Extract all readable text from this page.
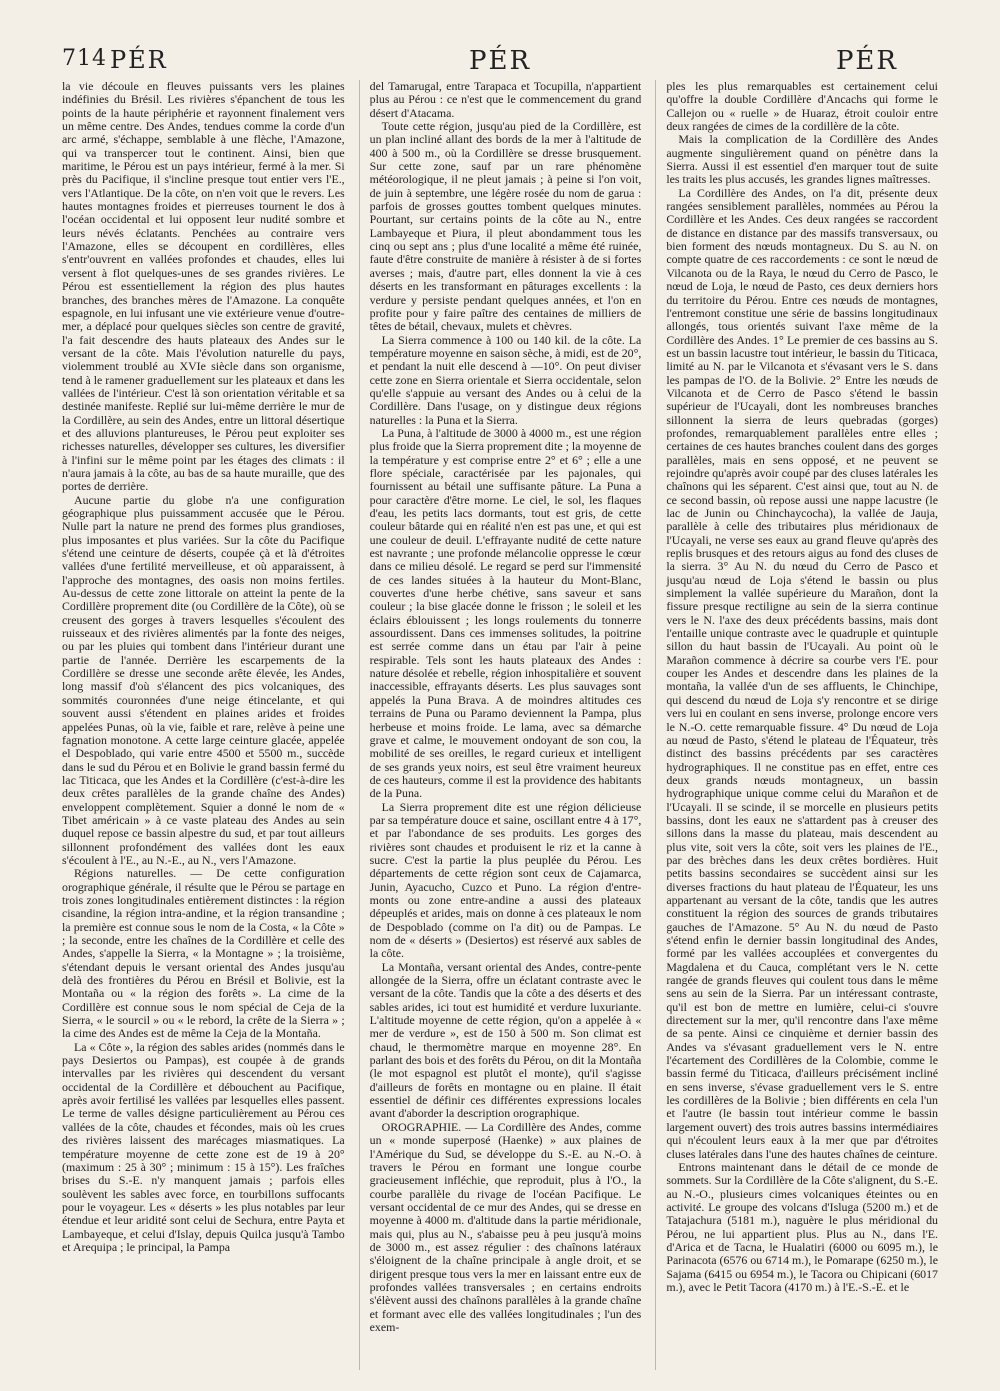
714 PÉR	PÉR	PÉR

la vie découle en fleuves puissants vers les plaines indéfinies du Brésil. Les rivières s'épanchent de tous les points de la haute périphérie et rayonnent finalement vers un même centre. Des Andes, tendues comme la corde d'un arc armé, s'échappe, semblable à une flèche, l'Amazone, qui va transpercer tout le continent. Ainsi, bien que maritime, le Pérou est un pays intérieur, fermé à la mer. Si près du Pacifique, il s'incline presque tout entier vers l'E., vers l'Atlantique. De la côte, on n'en voit que le revers. Les hautes montagnes froides et pierreuses tournent le dos à l'océan occidental et lui opposent leur nudité sombre et leurs névés éclatants. Penchées au contraire vers l'Amazone, elles se découpent en cordillères, elles s'entr'ouvrent en vallées profondes et chaudes, elles lui versent à flot quelques-unes de ses grandes rivières. Le Pérou est essentiellement la région des plus hautes branches, des branches mères de l'Amazone. La conquête espagnole, en lui infusant une vie extérieure venue d'outre-mer, a déplacé pour quelques siècles son centre de gravité, l'a fait descendre des hauts plateaux des Andes sur le versant de la côte. Mais l'évolution naturelle du pays, violemment troublé au XVIe siècle dans son organisme, tend à le ramener graduellement sur les plateaux et dans les vallées de l'intérieur. C'est là son orientation véritable et sa destinée manifeste. Replié sur lui-même derrière le mur de la Cordillère, au sein des Andes, entre un littoral désertique et des alluvions plantureuses, le Pérou peut exploiter ses richesses naturelles, développer ses cultures, les diversifier à l'infini sur le même point par les étages des climats : il n'aura jamais à la côte, au bas de sa haute muraille, que des portes de derrière.

Aucune partie du globe n'a une configuration géographique plus puissamment accusée que le Pérou. Nulle part la nature ne prend des formes plus grandioses, plus imposantes et plus variées. Sur la côte du Pacifique s'étend une ceinture de déserts, coupée çà et là d'étroites vallées d'une fertilité merveilleuse, et où apparaissent, à l'approche des montagnes, des oasis non moins fertiles. Au-dessus de cette zone littorale on atteint la pente de la Cordillère proprement dite (ou Cordillère de la Côte), où se creusent des gorges à travers lesquelles s'écoulent des ruisseaux et des rivières alimentés par la fonte des neiges, ou par les pluies qui tombent dans l'intérieur durant une partie de l'année. Derrière les escarpements de la Cordillère se dresse une seconde arête élevée, les Andes, long massif d'où s'élancent des pics volcaniques, des sommités couronnées d'une neige étincelante, et qui souvent aussi s'étendent en plaines arides et froides appelées Punas, où la vie, faible et rare, relève à peine une fagnation monotone. A cette large ceinture glacée, appelée el Despoblado, qui varie entre 4500 et 5500 m., succède dans le sud du Pérou et en Bolivie le grand bassin fermé du lac Titicaca, que les Andes et la Cordillère (c'est-à-dire les deux crêtes parallèles de la grande chaîne des Andes) enveloppent complètement. Squier a donné le nom de « Tibet américain » à ce vaste plateau des Andes au sein duquel repose ce bassin alpestre du sud, et par tout ailleurs sillonnent profondément des vallées dont les eaux s'écoulent à l'E., au N.-E., au N., vers l'Amazone.

Régions naturelles. — De cette configuration orographique générale, il résulte que le Pérou se partage en trois zones longitudinales entièrement distinctes : la région cisandine, la région intra-andine, et la région transandine ; la première est connue sous le nom de la Costa, « la Côte » ; la seconde, entre les chaînes de la Cordillère et celle des Andes, s'appelle la Sierra, « la Montagne » ; la troisième, s'étendant depuis le versant oriental des Andes jusqu'au delà des frontières du Pérou en Brésil et Bolivie, est la Montaña ou « la région des forêts ». La cime de la Cordillère est connue sous le nom spécial de Ceja de la Sierra, « le sourcil » ou « le rebord, la crête de la Sierra » ; la cime des Andes est de même la Ceja de la Montaña.

La « Côte », la région des sables arides (nommés dans le pays Desiertos ou Pampas), est coupée à de grands intervalles par les rivières qui descendent du versant occidental de la Cordillère et débouchent au Pacifique, après avoir fertilisé les vallées par lesquelles elles passent. Le terme de valles désigne particulièrement au Pérou ces vallées de la côte, chaudes et fécondes, mais où les crues des rivières laissent des marécages miasmatiques. La température moyenne de cette zone est de 19 à 20° (maximum : 25 à 30° ; minimum : 15 à 15°). Les fraîches brises du S.-E. n'y manquent jamais ; parfois elles soulèvent les sables avec force, en tourbillons suffocants pour le voyageur. Les « déserts » les plus notables par leur étendue et leur aridité sont celui de Sechura, entre Payta et Lambayeque, et celui d'Islay, depuis Quilca jusqu'à Tambo et Arequipa ; le principal, la Pampa

del Tamarugal, entre Tarapaca et Tocupilla, n'appartient plus au Pérou : ce n'est que le commencement du grand désert d'Atacama.

Toute cette région, jusqu'au pied de la Cordillère, est un plan incliné allant des bords de la mer à l'altitude de 400 à 500 m., où la Cordillère se dresse brusquement. Sur cette zone, sauf par un rare phénomène météorologique, il ne pleut jamais ; à peine si l'on voit, de juin à septembre, une légère rosée du nom de garua : parfois de grosses gouttes tombent quelques minutes. Pourtant, sur certains points de la côte au N., entre Lambayeque et Piura, il pleut abondamment tous les cinq ou sept ans ; plus d'une localité a même été ruinée, faute d'être construite de manière à résister à de si fortes averses ; mais, d'autre part, elles donnent la vie à ces déserts en les transformant en pâturages excellents : la verdure y persiste pendant quelques années, et l'on en profite pour y faire paître des centaines de milliers de têtes de bétail, chevaux, mulets et chèvres.

La Sierra commence à 100 ou 140 kil. de la côte. La température moyenne en saison sèche, à midi, est de 20°, et pendant la nuit elle descend à —10°. On peut diviser cette zone en Sierra orientale et Sierra occidentale, selon qu'elle s'appuie au versant des Andes ou à celui de la Cordillère. Dans l'usage, on y distingue deux régions naturelles : la Puna et la Sierra.

La Puna, à l'altitude de 3000 à 4000 m., est une région plus froide que la Sierra proprement dite ; la moyenne de la température y est comprise entre 2° et 6° ; elle a une flore spéciale, caractérisée par les pajonales, qui fournissent au bétail une suffisante pâture. La Puna a pour caractère d'être morne. Le ciel, le sol, les flaques d'eau, les petits lacs dormants, tout est gris, de cette couleur bâtarde qui en réalité n'en est pas une, et qui est une couleur de deuil. L'effrayante nudité de cette nature est navrante ; une profonde mélancolie oppresse le cœur dans ce milieu désolé. Le regard se perd sur l'immensité de ces landes situées à la hauteur du Mont-Blanc, couvertes d'une herbe chétive, sans saveur et sans couleur ; la bise glacée donne le frisson ; le soleil et les éclairs éblouissent ; les longs roulements du tonnerre assourdissent. Dans ces immenses solitudes, la poitrine est serrée comme dans un étau par l'air à peine respirable. Tels sont les hauts plateaux des Andes : nature désolée et rebelle, région inhospitalière et souvent inaccessible, effrayants déserts. Les plus sauvages sont appelés la Puna Brava. A de moindres altitudes ces terrains de Puna ou Paramo deviennent la Pampa, plus herbeuse et moins froide. Le lama, avec sa démarche grave et calme, le mouvement ondoyant de son cou, la mobilité de ses oreilles, le regard curieux et intelligent de ses grands yeux noirs, est seul être vraiment heureux de ces hauteurs, comme il est la providence des habitants de la Puna.

La Sierra proprement dite est une région délicieuse par sa température douce et saine, oscillant entre 4 à 17°, et par l'abondance de ses produits. Les gorges des rivières sont chaudes et produisent le riz et la canne à sucre. C'est la partie la plus peuplée du Pérou. Les départements de cette région sont ceux de Cajamarca, Junin, Ayacucho, Cuzco et Puno. La région d'entre-monts ou zone entre-andine a aussi des plateaux dépeuplés et arides, mais on donne à ces plateaux le nom de Despoblado (comme on l'a dit) ou de Pampas. Le nom de « déserts » (Desiertos) est réservé aux sables de la côte.

La Montaña, versant oriental des Andes, contre-pente allongée de la Sierra, offre un éclatant contraste avec le versant de la côte. Tandis que la côte a des déserts et des sables arides, ici tout est humidité et verdure luxuriante. L'altitude moyenne de cette région, qu'on a appelée à « mer de verdure », est de 150 à 500 m. Son climat est chaud, le thermomètre marque en moyenne 28°. En parlant des bois et des forêts du Pérou, on dit la Montaña (le mot espagnol est plutôt el monte), qu'il s'agisse d'ailleurs de forêts en montagne ou en plaine. Il était essentiel de définir ces différentes expressions locales avant d'aborder la description orographique.

OROGRAPHIE. — La Cordillère des Andes, comme un « monde superposé (Haenke) » aux plaines de l'Amérique du Sud, se développe du S.-E. au N.-O. à travers le Pérou en formant une longue courbe gracieusement infléchie, que reproduit, plus à l'O., la courbe parallèle du rivage de l'océan Pacifique. Le versant occidental de ce mur des Andes, qui se dresse en moyenne à 4000 m. d'altitude dans la partie méridionale, mais qui, plus au N., s'abaisse peu à peu jusqu'à moins de 3000 m., est assez régulier : des chaînons latéraux s'éloignent de la chaîne principale à angle droit, et se dirigent presque tous vers la mer en laissant entre eux de profondes vallées transversales ; en certains endroits s'élèvent aussi des chaînons parallèles à la grande chaîne et formant avec elle des vallées longitudinales ; l'un des exem-

ples les plus remarquables est certainement celui qu'offre la double Cordillère d'Ancachs qui forme le Callejon ou « ruelle » de Huaraz, étroit couloir entre deux rangées de cimes de la cordillère de la côte.

Mais la complication de la Cordillère des Andes augmente singulièrement quand on pénètre dans la Sierra. Aussi il est essentiel d'en marquer tout de suite les traits les plus accusés, les grandes lignes maîtresses.

La Cordillère des Andes, on l'a dit, présente deux rangées sensiblement parallèles, nommées au Pérou la Cordillère et les Andes. Ces deux rangées se raccordent de distance en distance par des massifs transversaux, ou bien forment des nœuds montagneux. Du S. au N. on compte quatre de ces raccordements : ce sont le nœud de Vilcanota ou de la Raya, le nœud du Cerro de Pasco, le nœud de Loja, le nœud de Pasto, ces deux derniers hors du territoire du Pérou. Entre ces nœuds de montagnes, l'entremont constitue une série de bassins longitudinaux allongés, tous orientés suivant l'axe même de la Cordillère des Andes. 1° Le premier de ces bassins au S. est un bassin lacustre tout intérieur, le bassin du Titicaca, limité au N. par le Vilcanota et s'évasant vers le S. dans les pampas de l'O. de la Bolivie. 2° Entre les nœuds de Vilcanota et de Cerro de Pasco s'étend le bassin supérieur de l'Ucayali, dont les nombreuses branches sillonnent la sierra de leurs quebradas (gorges) profondes, remarquablement parallèles entre elles ; certaines de ces hautes branches coulent dans des gorges parallèles, mais en sens opposé, et ne peuvent se rejoindre qu'après avoir coupé par des cluses latérales les chaînons qui les séparent. C'est ainsi que, tout au N. de ce second bassin, où repose aussi une nappe lacustre (le lac de Junin ou Chinchaycocha), la vallée de Jauja, parallèle à celle des tributaires plus méridionaux de l'Ucayali, ne verse ses eaux au grand fleuve qu'après des replis brusques et des retours aigus au fond des cluses de la sierra. 3° Au N. du nœud du Cerro de Pasco et jusqu'au nœud de Loja s'étend le bassin ou plus simplement la vallée supérieure du Marañon, dont la fissure presque rectiligne au sein de la sierra continue vers le N. l'axe des deux précédents bassins, mais dont l'entaille unique contraste avec le quadruple et quintuple sillon du haut bassin de l'Ucayali. Au point où le Marañon commence à décrire sa courbe vers l'E. pour couper les Andes et descendre dans les plaines de la montaña, la vallée d'un de ses affluents, le Chinchipe, qui descend du nœud de Loja s'y rencontre et se dirige vers lui en coulant en sens inverse, prolonge encore vers le N.-O. cette remarquable fissure. 4° Du nœud de Loja au nœud de Pasto, s'étend le plateau de l'Équateur, très distinct des bassins précédents par ses caractères hydrographiques. Il ne constitue pas en effet, entre ces deux grands nœuds montagneux, un bassin hydrographique unique comme celui du Marañon et de l'Ucayali. Il se scinde, il se morcelle en plusieurs petits bassins, dont les eaux ne s'attardent pas à creuser des sillons dans la masse du plateau, mais descendent au plus vite, soit vers la côte, soit vers les plaines de l'E., par des brèches dans les deux crêtes bordières. Huit petits bassins secondaires se succèdent ainsi sur les diverses fractions du haut plateau de l'Équateur, les uns appartenant au versant de la côte, tandis que les autres constituent la région des sources de grands tributaires gauches de l'Amazone. 5° Au N. du nœud de Pasto s'étend enfin le dernier bassin longitudinal des Andes, formé par les vallées accouplées et convergentes du Magdalena et du Cauca, complétant vers le N. cette rangée de grands fleuves qui coulent tous dans le même sens au sein de la Sierra. Par un intéressant contraste, qu'il est bon de mettre en lumière, celui-ci s'ouvre directement sur la mer, qu'il rencontre dans l'axe même de sa pente. Ainsi ce cinquième et dernier bassin des Andes va s'évasant graduellement vers le N. entre l'écartement des Cordillères de la Colombie, comme le bassin fermé du Titicaca, d'ailleurs précisément incliné en sens inverse, s'évase graduellement vers le S. entre les cordillères de la Bolivie ; bien différents en cela l'un et l'autre (le bassin tout intérieur comme le bassin largement ouvert) des trois autres bassins intermédiaires qui n'écoulent leurs eaux à la mer que par d'étroites cluses latérales dans l'une des hautes chaînes de ceinture.

Entrons maintenant dans le détail de ce monde de sommets. Sur la Cordillère de la Côte s'alignent, du S.-E. au N.-O., plusieurs cimes volcaniques éteintes ou en activité. Le groupe des volcans d'Isluga (5200 m.) et de Tatajachura (5181 m.), naguère le plus méridional du Pérou, ne lui appartient plus. Plus au N., dans l'E. d'Arica et de Tacna, le Hualatiri (6000 ou 6095 m.), le Parinacota (6576 ou 6714 m.), le Pomarape (6250 m.), le Sajama (6415 ou 6954 m.), le Tacora ou Chipicani (6017 m.), avec le Petit Tacora (4170 m.) à l'E.-S.-E. et le
